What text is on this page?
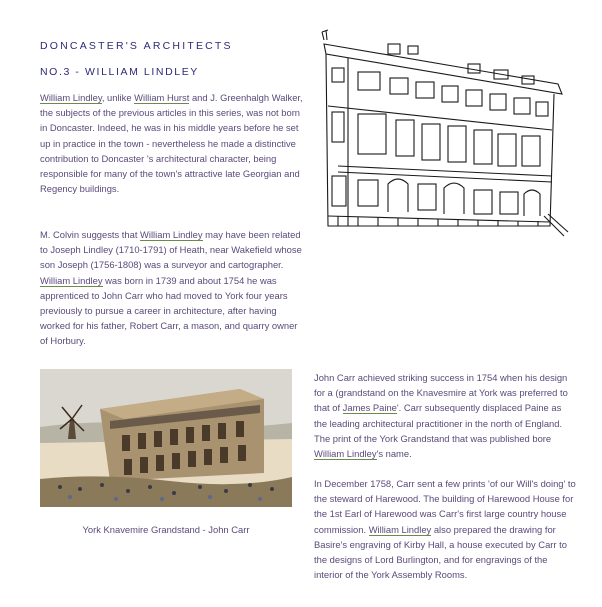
DONCASTER'S ARCHITECTS
NO.3 - WILLIAM LINDLEY

William Lindley, unlike William Hurst and J. Greenhalgh Walker, the subjects of the previous articles in this series, was not born in Doncaster. Indeed, he was in his middle years before he set up in practice in the town - nevertheless he made a distinctive contribution to Doncaster 's architectural character, being responsible for many of the town's attractive late Georgian and Regency buildings.

M. Colvin suggests that William Lindley may have been related to Joseph Lindley (1710-1791) of Heath, near Wakefield whose son Joseph (1756-1808) was a surveyor and cartographer. William Lindley was born in 1739 and about 1754 he was apprenticed to John Carr who had moved to York four years previously to pursue a career in architecture, after having worked for his father, Robert Carr, a mason, and quarry owner of Horbury.

John Carr achieved striking success in 1754 when his design for a (grandstand on the Knavesmire at York was preferred to that of James Paine'. Carr subsequently displaced Paine as the leading architectural practitioner in the north of England. The print of the York Grandstand that was published bore William Lindley's name.

In December 1758, Carr sent a few prints 'of our Will's doing' to the steward of Harewood. The building of Harewood House for the 1st Earl of Harewood was Carr's first large country house commission. William Lindley also prepared the drawing for Basire's engraving of Kirby Hall, a house executed by Carr to the designs of Lord Burlington, and for engravings of the interior of the York Assembly Rooms.

York Knavemire Grandstand - John Carr
